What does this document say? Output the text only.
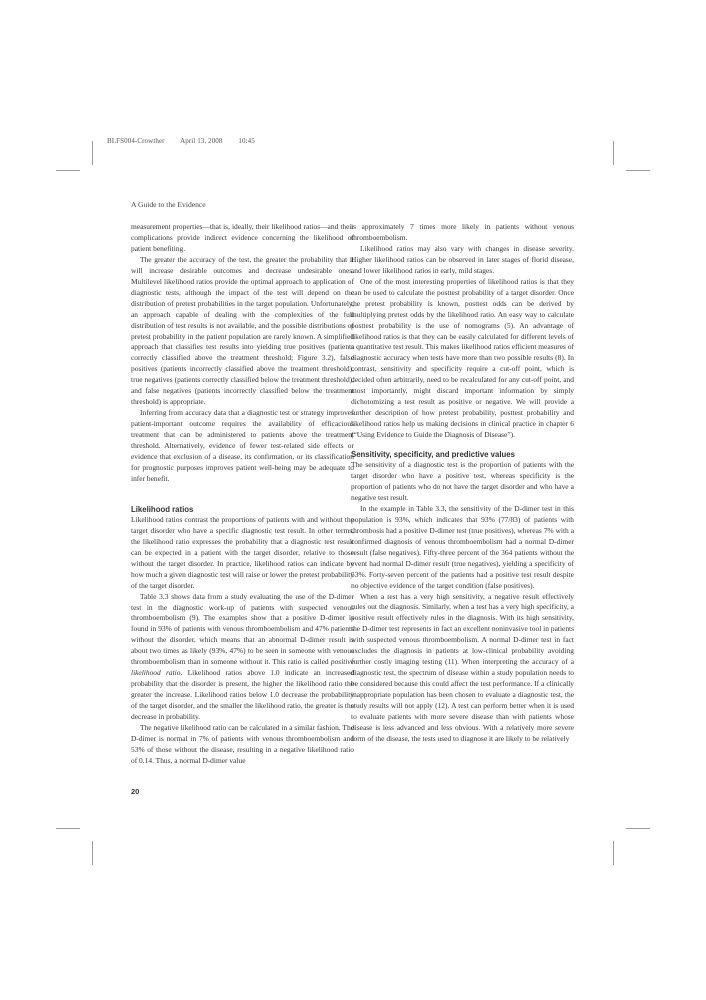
BLFS004-Crowther April 13, 2008 10:45
A Guide to the Evidence

measurement properties—that is, ideally, their likelihood ratios—and their complications provide indirect evidence concerning the likelihood of patient benefiting.

The greater the accuracy of the test, the greater the probability that it will increase desirable outcomes and decrease undesirable ones. Multilevel likelihood ratios provide the optimal approach to application of diagnostic tests, although the impact of the test will depend on the distribution of pretest probabilities in the target population. Unfortunately, an approach capable of dealing with the complexities of the full distribution of test results is not available, and the possible distributions of pretest probability in the patient population are rarely known. A simplified approach that classifies test results into yielding true positives (patients correctly classified above the treatment threshold; Figure 3.2), false positives (patients incorrectly classified above the treatment threshold), true negatives (patients correctly classified below the treatment threshold), and false negatives (patients incorrectly classified below the treatment threshold) is appropriate.

Inferring from accuracy data that a diagnostic test or strategy improves patient-important outcome requires the availability of efficacious treatment that can be administered to patients above the treatment threshold. Alternatively, evidence of fewer test-related side effects or evidence that exclusion of a disease, its confirmation, or its classification for prognostic purposes improves patient well-being may be adequate to infer benefit.

Likelihood ratios

Likelihood ratios contrast the proportions of patients with and without the target disorder who have a specific diagnostic test result. In other terms, the likelihood ratio expresses the probability that a diagnostic test result can be expected in a patient with the target disorder, relative to those without the target disorder. In practice, likelihood ratios can indicate by how much a given diagnostic test will raise or lower the pretest probability of the target disorder.

Table 3.3 shows data from a study evaluating the use of the D-dimer test in the diagnostic work-up of patients with suspected venous thromboembolism (9). The examples show that a positive D-dimer is found in 93% of patients with venous thromboembolism and 47% patients without the disorder, which means that an abnormal D-dimer result is about two times as likely (93%, 47%) to be seen in someone with venous thromboembolism than in someone without it. This ratio is called positive likelihood ratio. Likelihood ratios above 1.0 indicate an increased probability that the disorder is present, the higher the likelihood ratio the greater the increase. Likelihood ratios below 1.0 decrease the probability of the target disorder, and the smaller the likelihood ratio, the greater is the decrease in probability.

The negative likelihood ratio can be calculated in a similar fashion. The D-dimer is normal in 7% of patients with venous thromboembolism and 53% of those without the disease, resulting in a negative likelihood ratio of 0.14. Thus, a normal D-dimer value

is approximately 7 times more likely in patients without venous thromboembolism.

Likelihood ratios may also vary with changes in disease severity. Higher likelihood ratios can be observed in later stages of florid disease, and lower likelihood ratios in early, mild stages.

One of the most interesting properties of likelihood ratios is that they can be used to calculate the posttest probability of a target disorder. Once the pretest probability is known, posttest odds can be derived by multiplying pretest odds by the likelihood ratio. An easy way to calculate posttest probability is the use of nomograms (5). An advantage of likelihood ratios is that they can be easily calculated for different levels of a quantitative test result. This makes likelihood ratios efficient measures of diagnostic accuracy when tests have more than two possible results (8). In contrast, sensitivity and specificity require a cut-off point, which is decided often arbitrarily, need to be recalculated for any cut-off point, and most importantly, might discard important information by simply dichotomizing a test result as positive or negative. We will provide a further description of how pretest probability, posttest probability and likelihood ratios help us making decisions in clinical practice in chapter 6 (“Using Evidence to Guide the Diagnosis of Disease”).

Sensitivity, specificity, and predictive values

The sensitivity of a diagnostic test is the proportion of patients with the target disorder who have a positive test, whereas specificity is the proportion of patients who do not have the target disorder and who have a negative test result.

In the example in Table 3.3, the sensitivity of the D-dimer test in this population is 93%, which indicates that 93% (77/83) of patients with thrombosis had a positive D-dimer test (true positives), whereas 7% with a confirmed diagnosis of venous thromboembolism had a normal D-dimer result (false negatives). Fifty-three percent of the 364 patients without the event had normal D-dimer result (true negatives), yielding a specificity of 53%. Forty-seven percent of the patients had a positive test result despite no objective evidence of the target condition (false positives).

When a test has a very high sensitivity, a negative result effectively rules out the diagnosis. Similarly, when a test has a very high specificity, a positive result effectively rules in the diagnosis. With its high sensitivity, the D-dimer test represents in fact an excellent noninvasive tool in patients with suspected venous thromboembolism. A normal D-dimer test in fact excludes the diagnosis in patients at low-clinical probability avoiding further costly imaging testing (11). When interpreting the accuracy of a diagnostic test, the spectrum of disease within a study population needs to be considered because this could affect the test performance. If a clinically inappropriate population has been chosen to evaluate a diagnostic test, the study results will not apply (12). A test can perform better when it is used to evaluate patients with more severe disease than with patients whose disease is less advanced and less obvious. With a relatively more severe form of the disease, the tests used to diagnose it are likely to be relatively

20
